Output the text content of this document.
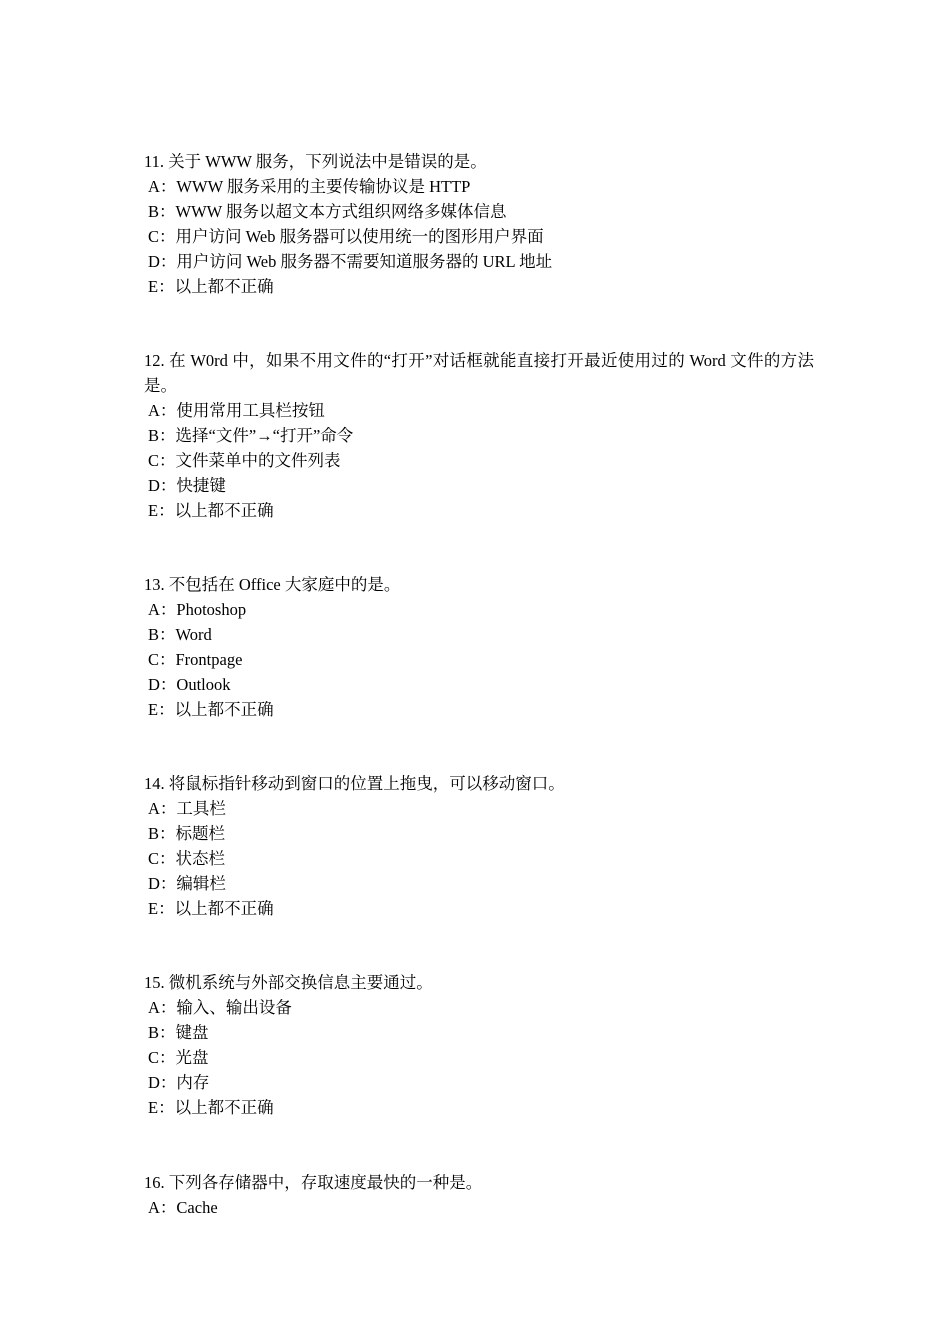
11. 关于 WWW 服务，下列说法中是错误的是。

A：WWW 服务采用的主要传输协议是 HTTP

B：WWW 服务以超文本方式组织网络多媒体信息

C：用户访问 Web 服务器可以使用统一的图形用户界面

D：用户访问 Web 服务器不需要知道服务器的 URL 地址

E：以上都不正确

12. 在 W0rd 中，如果不用文件的“打开”对话框就能直接打开最近使用过的 Word 文件的方法是。

A：使用常用工具栏按钮

B：选择“文件”→“打开”命令

C：文件菜单中的文件列表

D：快捷键

E：以上都不正确

13. 不包括在 Office 大家庭中的是。

A：Photoshop

B：Word

C：Frontpage

D：Outlook

E：以上都不正确

14. 将鼠标指针移动到窗口的位置上拖曳，可以移动窗口。

A：工具栏

B：标题栏

C：状态栏

D：编辑栏

E：以上都不正确

15. 微机系统与外部交换信息主要通过。

A：输入、输出设备

B：键盘

C：光盘

D：内存

E：以上都不正确

16. 下列各存储器中，存取速度最快的一种是。

A：Cache
